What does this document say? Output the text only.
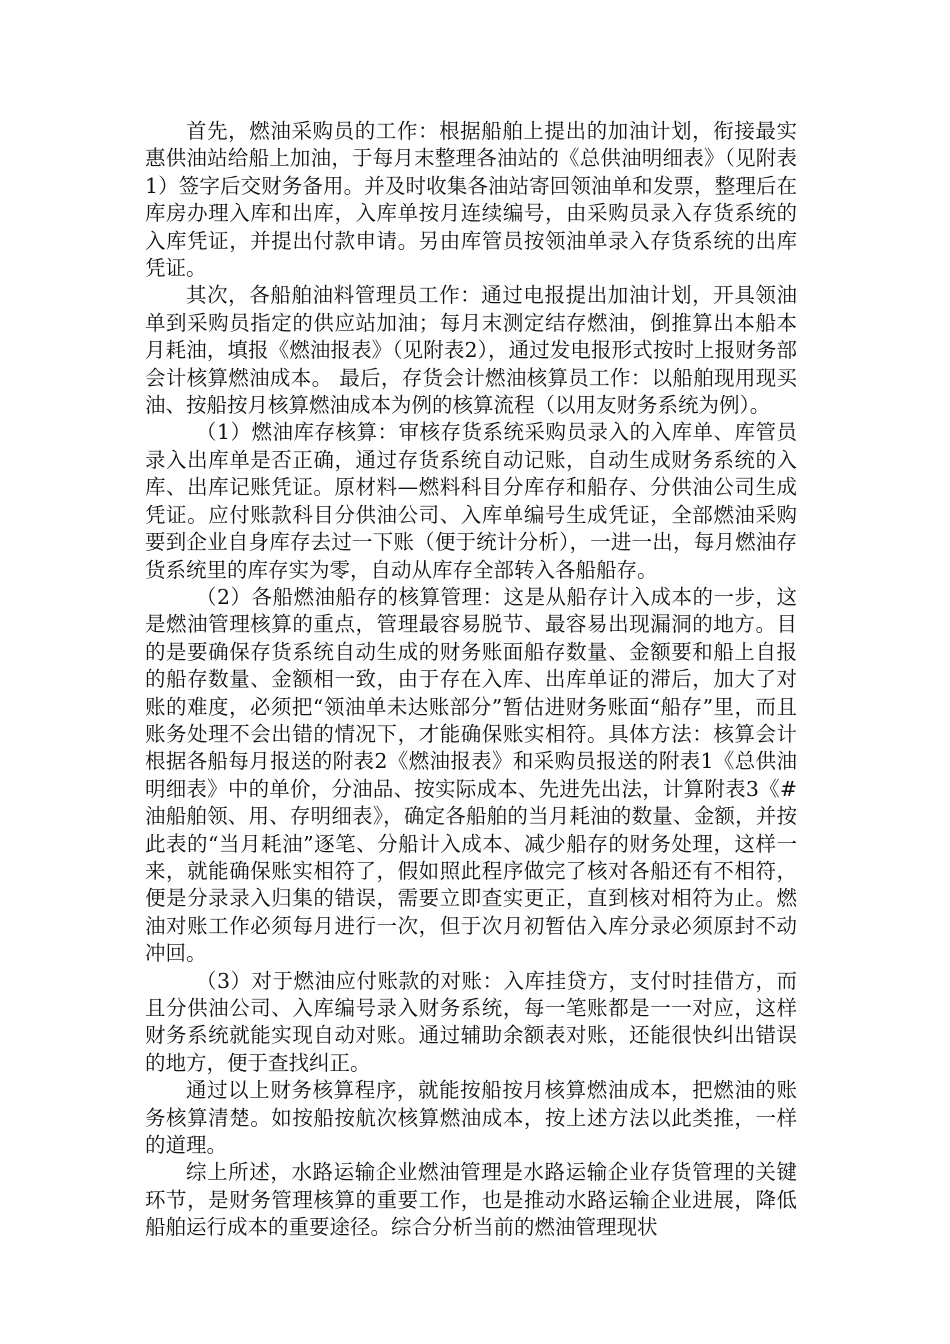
首先，燃油采购员的工作：根据船舶上提出的加油计划，衔接最实惠供油站给船上加油，于每月末整理各油站的《总供油明细表》（见附表1）签字后交财务备用。并及时收集各油站寄回领油单和发票，整理后在库房办理入库和出库，入库单按月连续编号，由采购员录入存货系统的入库凭证，并提出付款申请。另由库管员按领油单录入存货系统的出库凭证。

其次，各船舶油料管理员工作：通过电报提出加油计划，开具领油单到采购员指定的供应站加油；每月末测定结存燃油，倒推算出本船本月耗油，填报《燃油报表》（见附表2），通过发电报形式按时上报财务部会计核算燃油成本。 最后，存货会计燃油核算员工作：以船舶现用现买油、按船按月核算燃油成本为例的核算流程（以用友财务系统为例）。

（1）燃油库存核算：审核存货系统采购员录入的入库单、库管员录入出库单是否正确，通过存货系统自动记账，自动生成财务系统的入库、出库记账凭证。原材料—燃料科目分库存和船存、分供油公司生成凭证。应付账款科目分供油公司、入库单编号生成凭证，全部燃油采购要到企业自身库存去过一下账（便于统计分析），一进一出，每月燃油存货系统里的库存实为零，自动从库存全部转入各船船存。

（2）各船燃油船存的核算管理：这是从船存计入成本的一步，这是燃油管理核算的重点，管理最容易脱节、最容易出现漏洞的地方。目的是要确保存货系统自动生成的财务账面船存数量、金额要和船上自报的船存数量、金额相一致，由于存在入库、出库单证的滞后，加大了对账的难度，必须把“领油单未达账部分”暂估进财务账面“船存”里，而且账务处理不会出错的情况下，才能确保账实相符。具体方法：核算会计根据各船每月报送的附表2《燃油报表》和采购员报送的附表1《总供油明细表》中的单价，分油品、按实际成本、先进先出法，计算附表3《#油船舶领、用、存明细表》，确定各船舶的当月耗油的数量、金额，并按此表的“当月耗油”逐笔、分船计入成本、减少船存的财务处理，这样一来，就能确保账实相符了，假如照此程序做完了核对各船还有不相符，便是分录录入归集的错误，需要立即查实更正，直到核对相符为止。燃油对账工作必须每月进行一次，但于次月初暂估入库分录必须原封不动冲回。

（3）对于燃油应付账款的对账：入库挂贷方，支付时挂借方，而且分供油公司、入库编号录入财务系统，每一笔账都是一一对应，这样财务系统就能实现自动对账。通过辅助余额表对账，还能很快纠出错误的地方，便于查找纠正。

通过以上财务核算程序，就能按船按月核算燃油成本，把燃油的账务核算清楚。如按船按航次核算燃油成本，按上述方法以此类推，一样的道理。

综上所述，水路运输企业燃油管理是水路运输企业存货管理的关键环节，是财务管理核算的重要工作，也是推动水路运输企业进展，降低船舶运行成本的重要途径。综合分析当前的燃油管理现状
